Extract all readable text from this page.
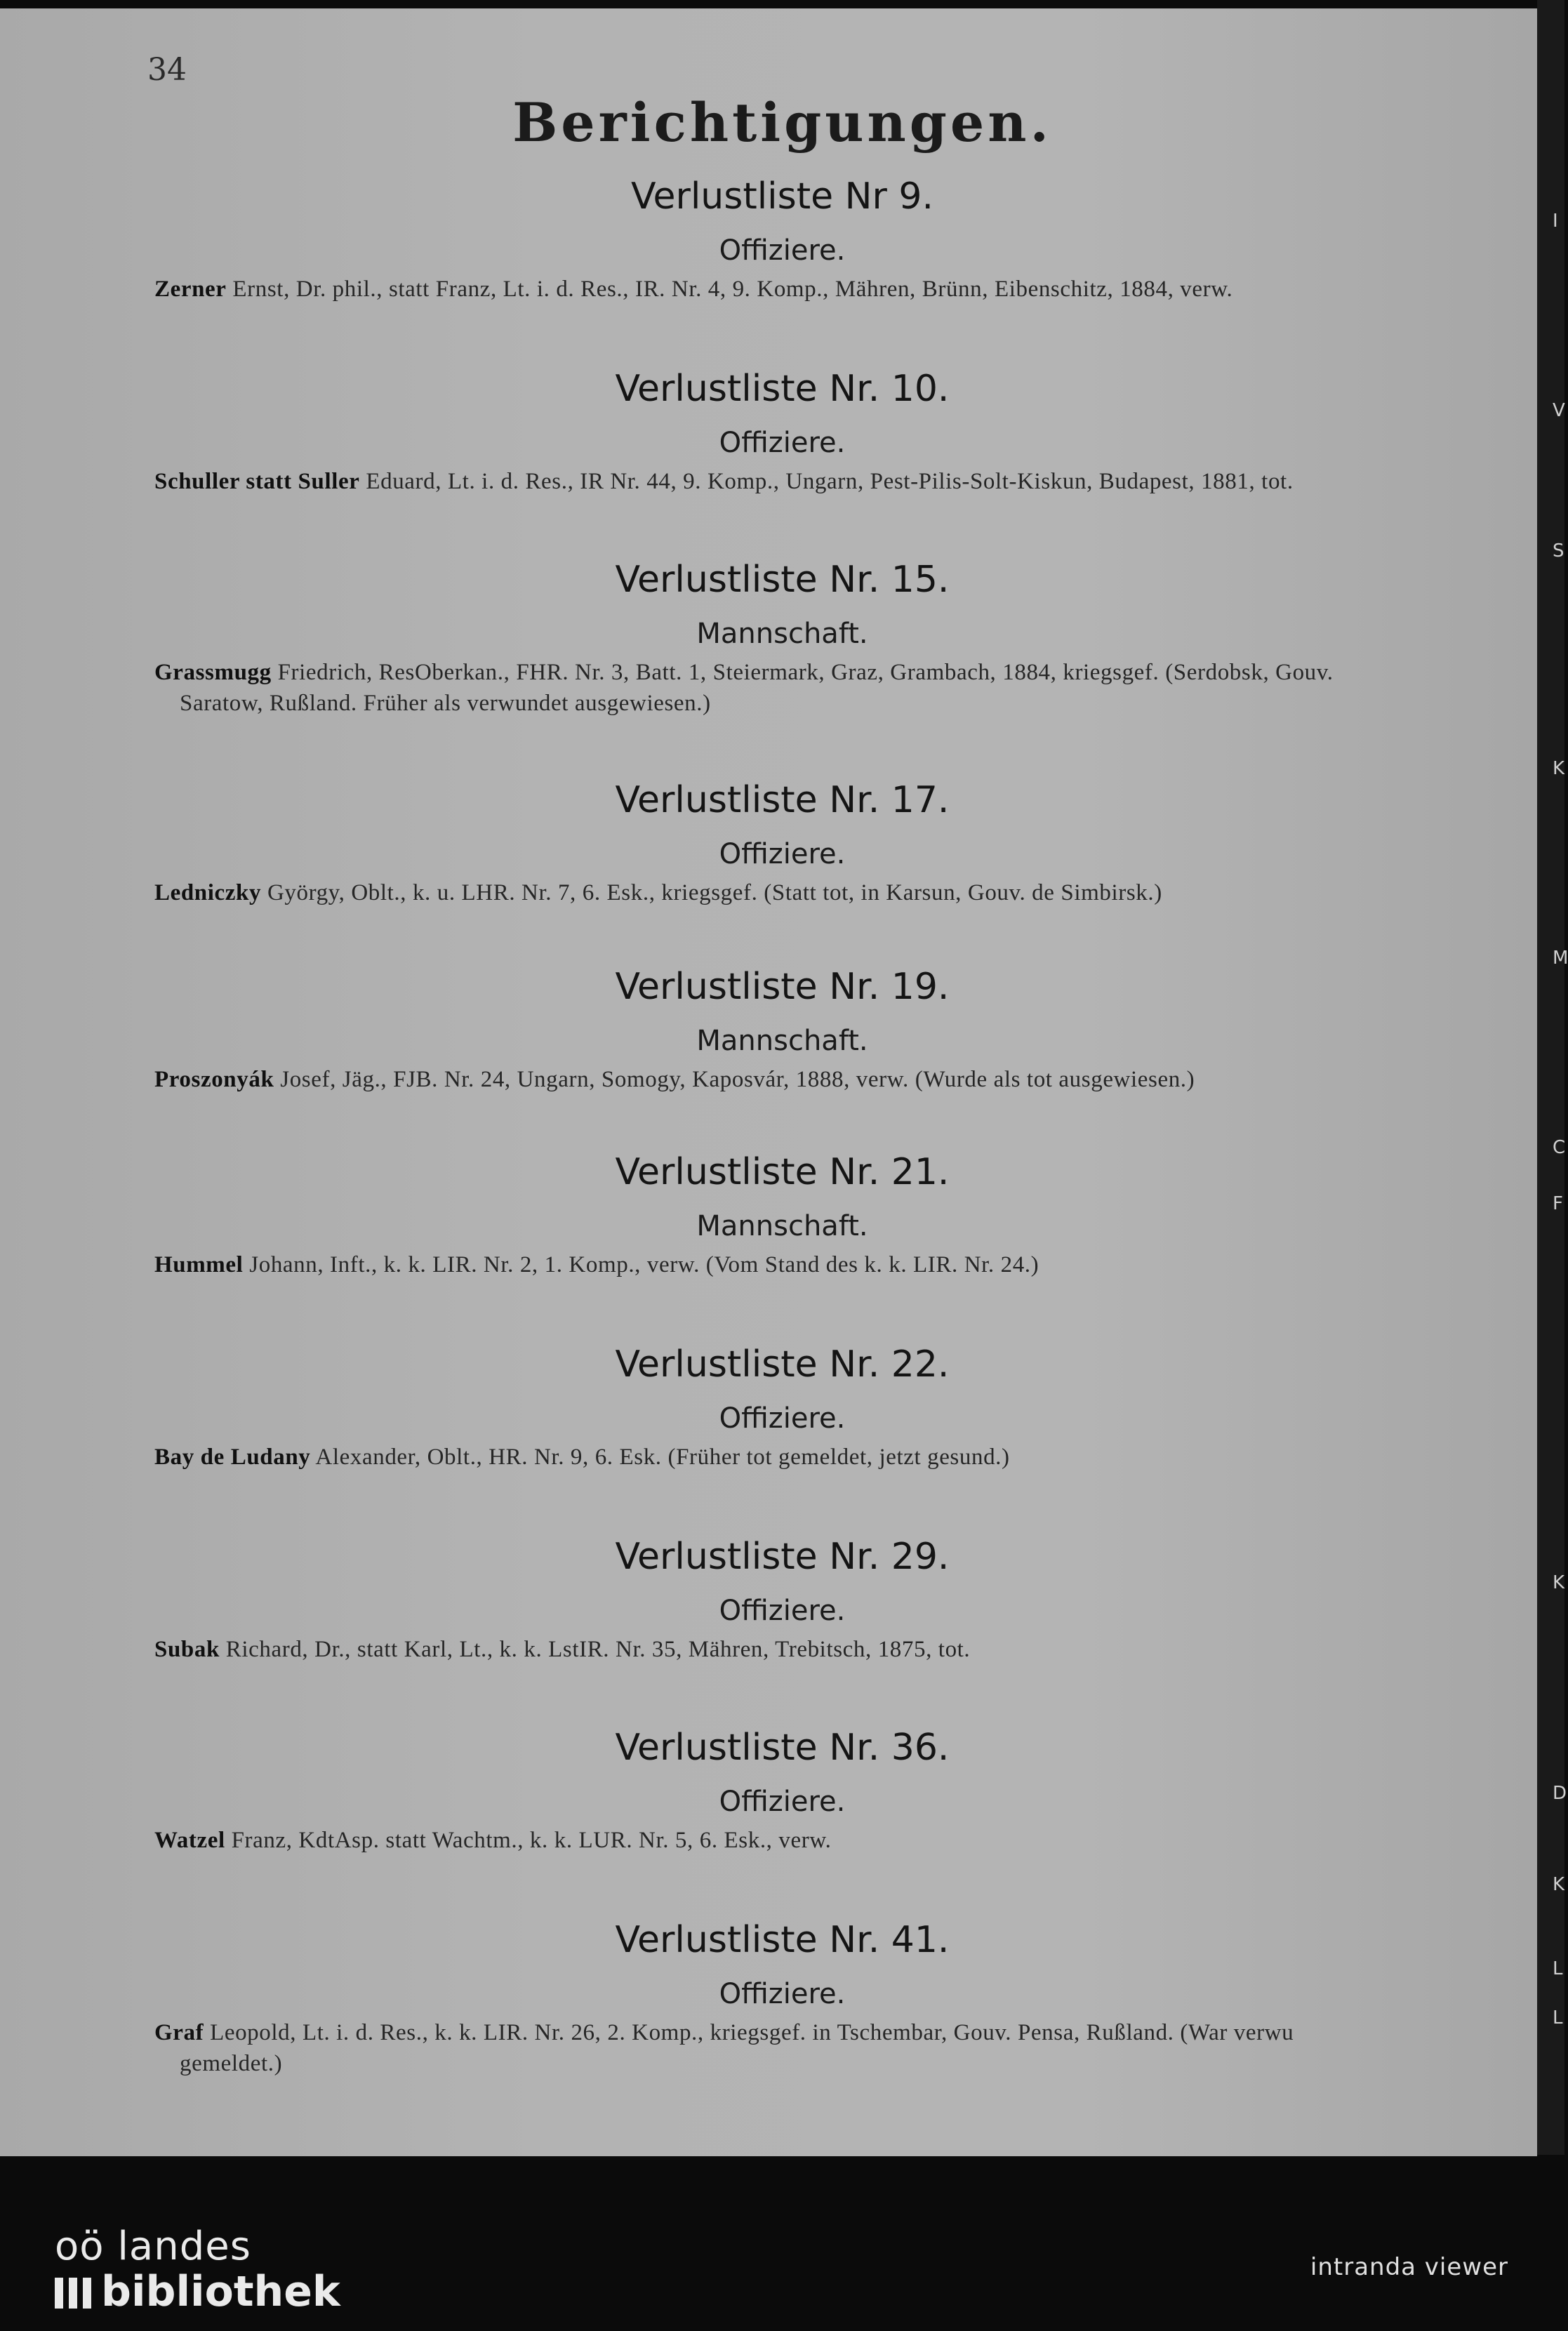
34
Berichtigungen.
Verlustliste Nr 9.
Offiziere.
Zerner Ernst, Dr. phil., statt Franz, Lt. i. d. Res., IR. Nr. 4, 9. Komp., Mähren, Brünn, Eibenschitz, 1884, verw.
Verlustliste Nr. 10.
Offiziere.
Schuller statt Suller Eduard, Lt. i. d. Res., IR Nr. 44, 9. Komp., Ungarn, Pest-Pilis-Solt-Kiskun, Budapest, 1881, tot.
Verlustliste Nr. 15.
Mannschaft.
Grassmugg Friedrich, ResOberkan., FHR. Nr. 3, Batt. 1, Steiermark, Graz, Grambach, 1884, kriegsgef. (Serdobsk, Gouv.
Saratow, Rußland. Früher als verwundet ausgewiesen.)
Verlustliste Nr. 17.
Offiziere.
Ledniczky György, Oblt., k. u. LHR. Nr. 7, 6. Esk., kriegsgef. (Statt tot, in Karsun, Gouv. de Simbirsk.)
Verlustliste Nr. 19.
Mannschaft.
Proszonyák Josef, Jäg., FJB. Nr. 24, Ungarn, Somogy, Kaposvár, 1888, verw. (Wurde als tot ausgewiesen.)
Verlustliste Nr. 21.
Mannschaft.
Hummel Johann, Inft., k. k. LIR. Nr. 2, 1. Komp., verw. (Vom Stand des k. k. LIR. Nr. 24.)
Verlustliste Nr. 22.
Offiziere.
Bay de Ludany Alexander, Oblt., HR. Nr. 9, 6. Esk. (Früher tot gemeldet, jetzt gesund.)
Verlustliste Nr. 29.
Offiziere.
Subak Richard, Dr., statt Karl, Lt., k. k. LstIR. Nr. 35, Mähren, Trebitsch, 1875, tot.
Verlustliste Nr. 36.
Offiziere.
Watzel Franz, KdtAsp. statt Wachtm., k. k. LUR. Nr. 5, 6. Esk., verw.
Verlustliste Nr. 41.
Offiziere.
Graf Leopold, Lt. i. d. Res., k. k. LIR. Nr. 26, 2. Komp., kriegsgef. in Tschembar, Gouv. Pensa, Rußland. (War verwu
gemeldet.)
I
V
S
K
M
C
F
K
D
K
L
L
oö landes
bibliothek	intranda viewer
